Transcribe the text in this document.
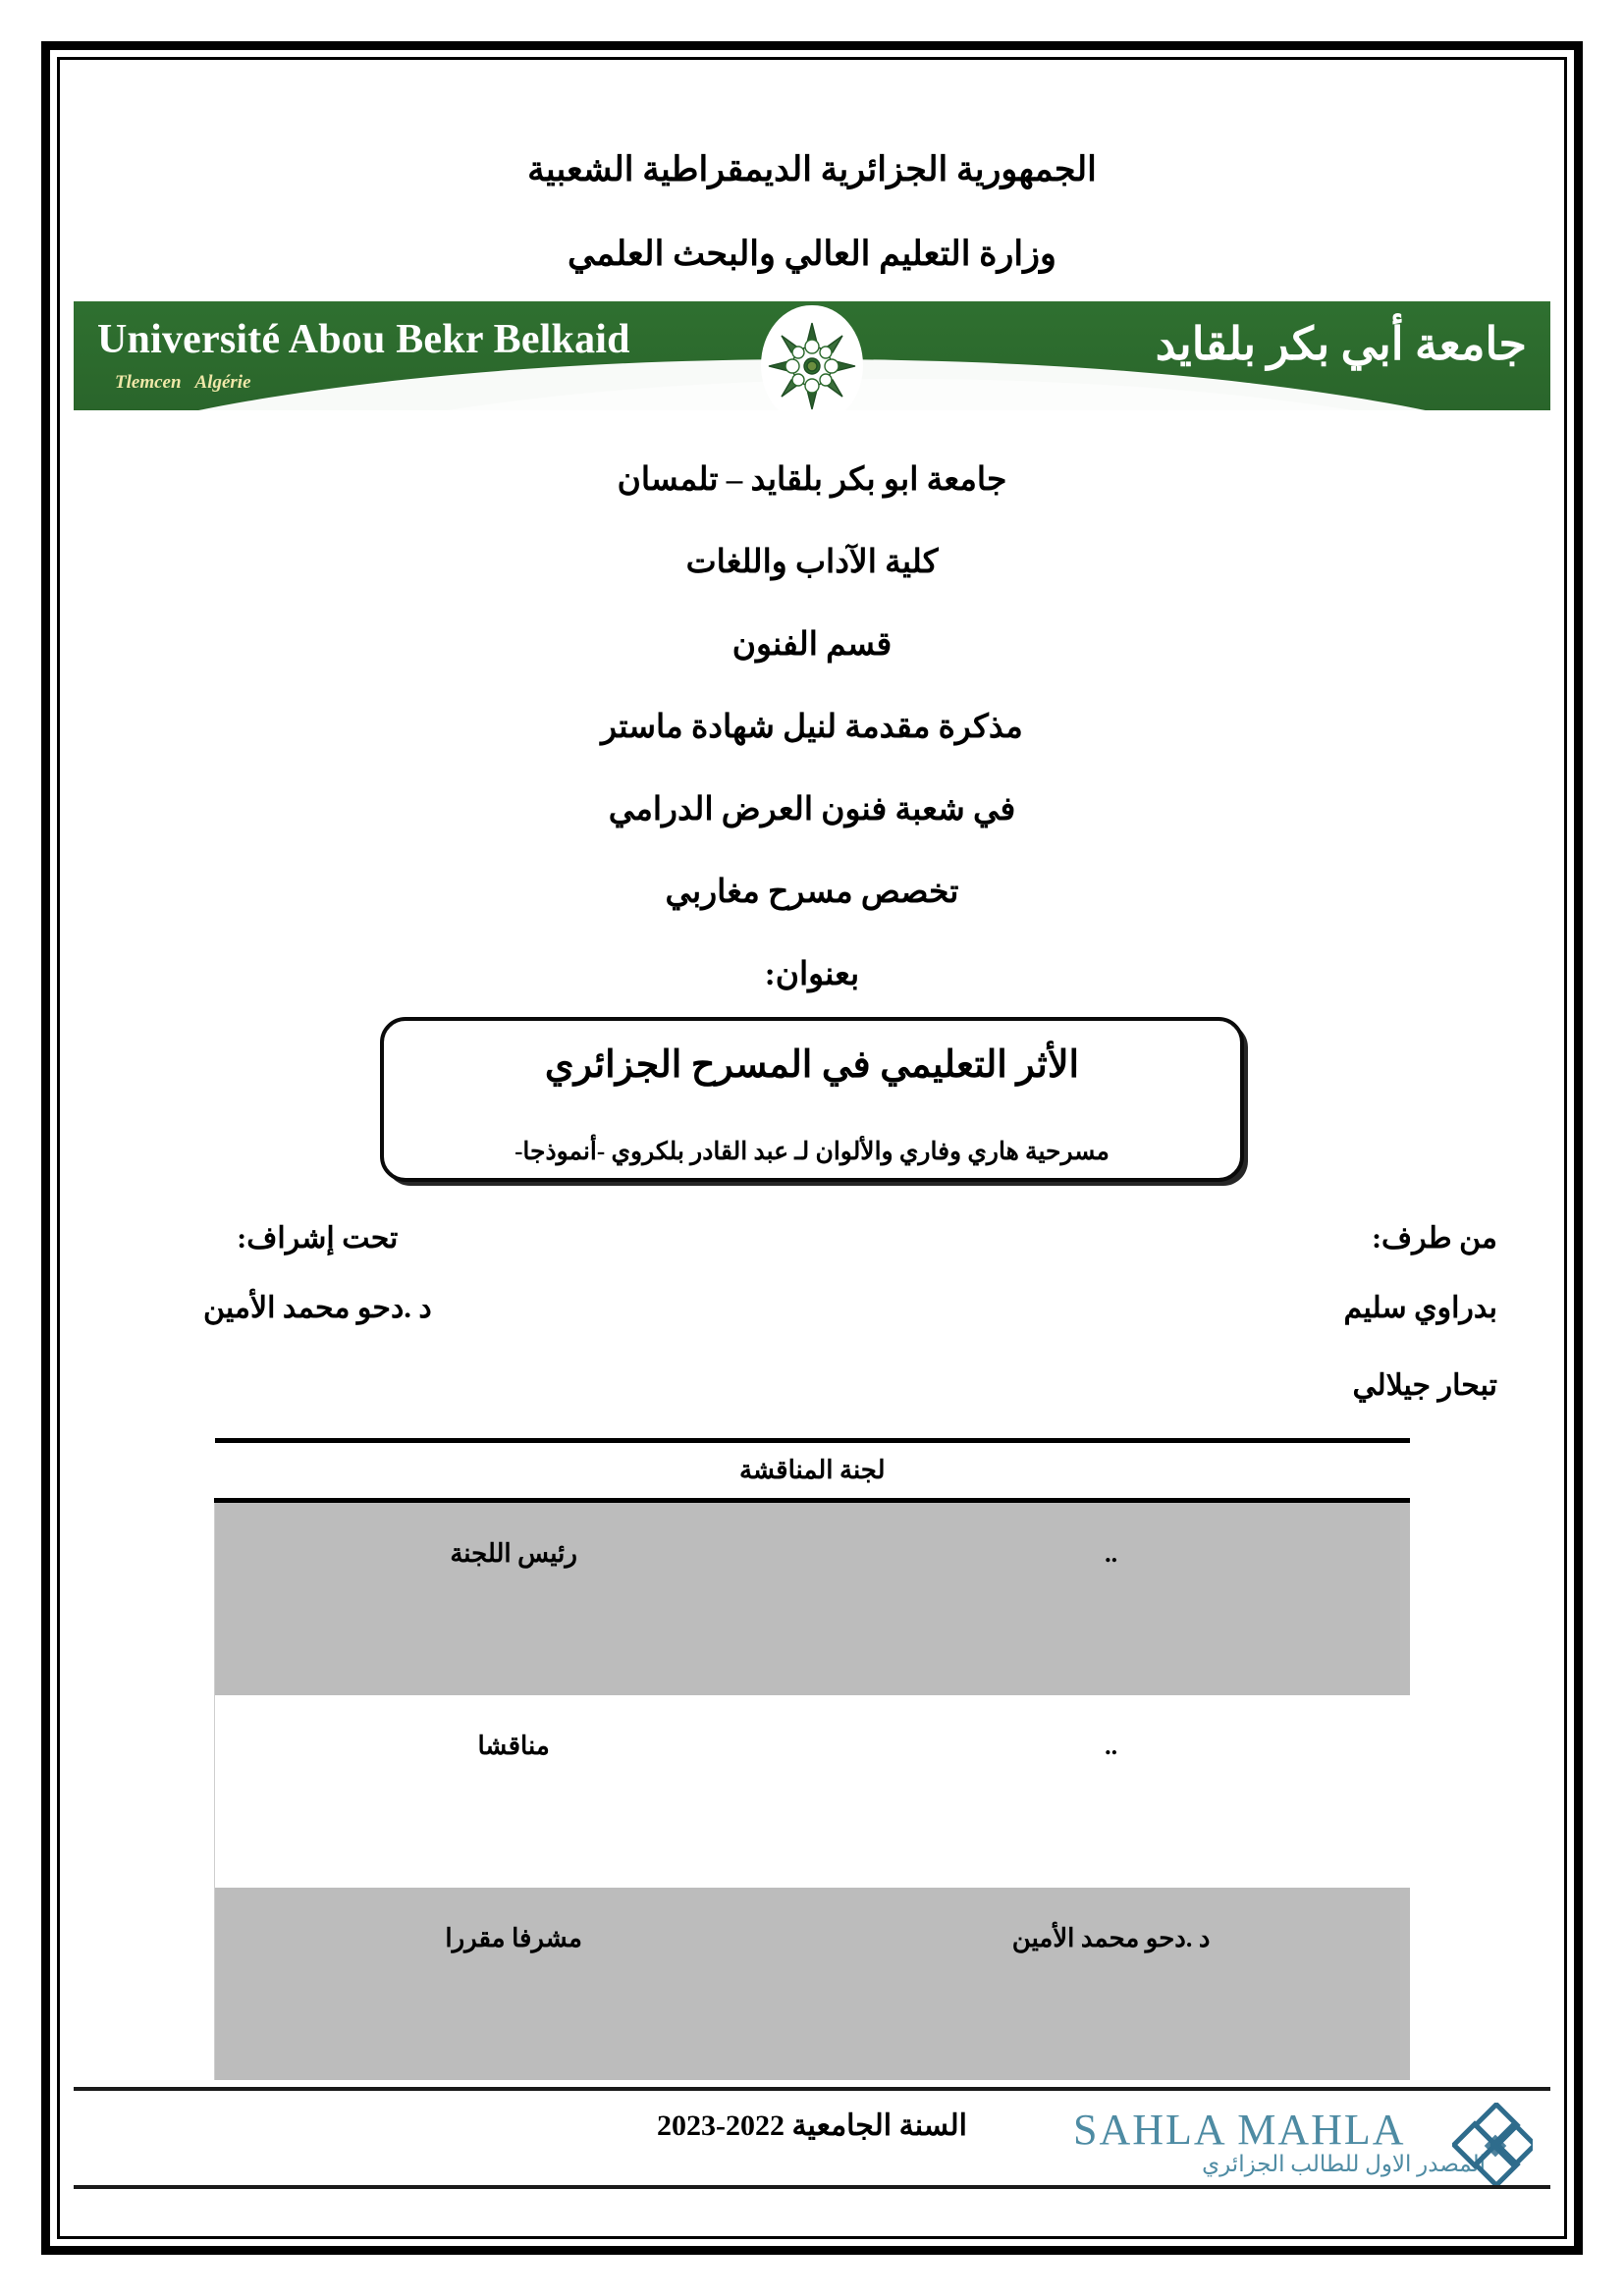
الجمهورية الجزائرية الديمقراطية الشعبية
وزارة التعليم العالي والبحث العلمي
Université Abou Bekr Belkaid
Tlemcen Algérie
جامعة أبي بكر بلقايد
جامعة ابو بكر بلقايد – تلمسان
كلية الآداب واللغات
قسم الفنون
مذكرة مقدمة لنيل شهادة ماستر
في شعبة فنون العرض الدرامي
تخصص مسرح مغاربي
بعنوان:
الأثر التعليمي في المسرح الجزائري
مسرحية هاري وفاري والألوان لـ عبد القادر بلكروي -أنموذجا-
من طرف:
بدراوي سليم
تبحار جيلالي
تحت إشراف:
د .دحو محمد الأمين
لجنة المناقشة	
..	رئيس اللجنة

..	مناقشا

د .دحو محمد الأمين	مشرفا مقررا

السنة الجامعية 2022-2023	SAHLA MAHLA
المصدر الاول للطالب الجزائري
